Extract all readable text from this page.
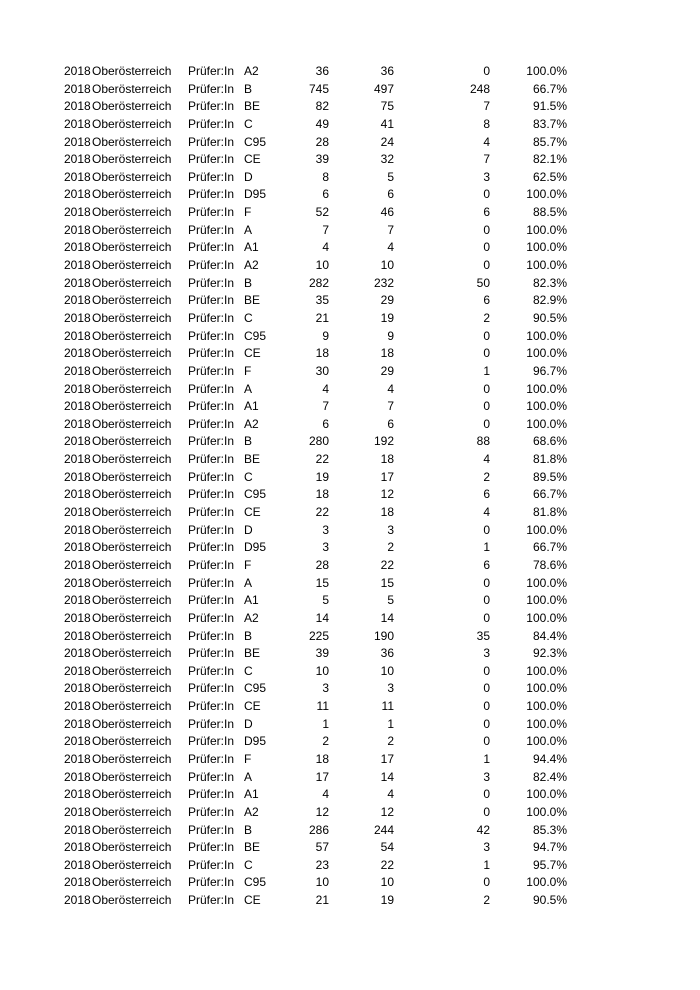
2018 Oberösterreich Prüfer:In A2	36	36	0	100.0%
2018 Oberösterreich Prüfer:In B	745	497	248	66.7%
2018 Oberösterreich Prüfer:In BE	82	75	7	91.5%
2018 Oberösterreich Prüfer:In C	49	41	8	83.7%
2018 Oberösterreich Prüfer:In C95	28	24	4	85.7%
2018 Oberösterreich Prüfer:In CE	39	32	7	82.1%
2018 Oberösterreich Prüfer:In D	8	5	3	62.5%
2018 Oberösterreich Prüfer:In D95	6	6	0	100.0%
2018 Oberösterreich Prüfer:In F	52	46	6	88.5%
2018 Oberösterreich Prüfer:In A	7	7	0	100.0%
2018 Oberösterreich Prüfer:In A1	4	4	0	100.0%
2018 Oberösterreich Prüfer:In A2	10	10	0	100.0%
2018 Oberösterreich Prüfer:In B	282	232	50	82.3%
2018 Oberösterreich Prüfer:In BE	35	29	6	82.9%
2018 Oberösterreich Prüfer:In C	21	19	2	90.5%
2018 Oberösterreich Prüfer:In C95	9	9	0	100.0%
2018 Oberösterreich Prüfer:In CE	18	18	0	100.0%
2018 Oberösterreich Prüfer:In F	30	29	1	96.7%
2018 Oberösterreich Prüfer:In A	4	4	0	100.0%
2018 Oberösterreich Prüfer:In A1	7	7	0	100.0%
2018 Oberösterreich Prüfer:In A2	6	6	0	100.0%
2018 Oberösterreich Prüfer:In B	280	192	88	68.6%
2018 Oberösterreich Prüfer:In BE	22	18	4	81.8%
2018 Oberösterreich Prüfer:In C	19	17	2	89.5%
2018 Oberösterreich Prüfer:In C95	18	12	6	66.7%
2018 Oberösterreich Prüfer:In CE	22	18	4	81.8%
2018 Oberösterreich Prüfer:In D	3	3	0	100.0%
2018 Oberösterreich Prüfer:In D95	3	2	1	66.7%
2018 Oberösterreich Prüfer:In F	28	22	6	78.6%
2018 Oberösterreich Prüfer:In A	15	15	0	100.0%
2018 Oberösterreich Prüfer:In A1	5	5	0	100.0%
2018 Oberösterreich Prüfer:In A2	14	14	0	100.0%
2018 Oberösterreich Prüfer:In B	225	190	35	84.4%
2018 Oberösterreich Prüfer:In BE	39	36	3	92.3%
2018 Oberösterreich Prüfer:In C	10	10	0	100.0%
2018 Oberösterreich Prüfer:In C95	3	3	0	100.0%
2018 Oberösterreich Prüfer:In CE	11	11	0	100.0%
2018 Oberösterreich Prüfer:In D	1	1	0	100.0%
2018 Oberösterreich Prüfer:In D95	2	2	0	100.0%
2018 Oberösterreich Prüfer:In F	18	17	1	94.4%
2018 Oberösterreich Prüfer:In A	17	14	3	82.4%
2018 Oberösterreich Prüfer:In A1	4	4	0	100.0%
2018 Oberösterreich Prüfer:In A2	12	12	0	100.0%
2018 Oberösterreich Prüfer:In B	286	244	42	85.3%
2018 Oberösterreich Prüfer:In BE	57	54	3	94.7%
2018 Oberösterreich Prüfer:In C	23	22	1	95.7%
2018 Oberösterreich Prüfer:In C95	10	10	0	100.0%
2018 Oberösterreich Prüfer:In CE	21	19	2	90.5%
